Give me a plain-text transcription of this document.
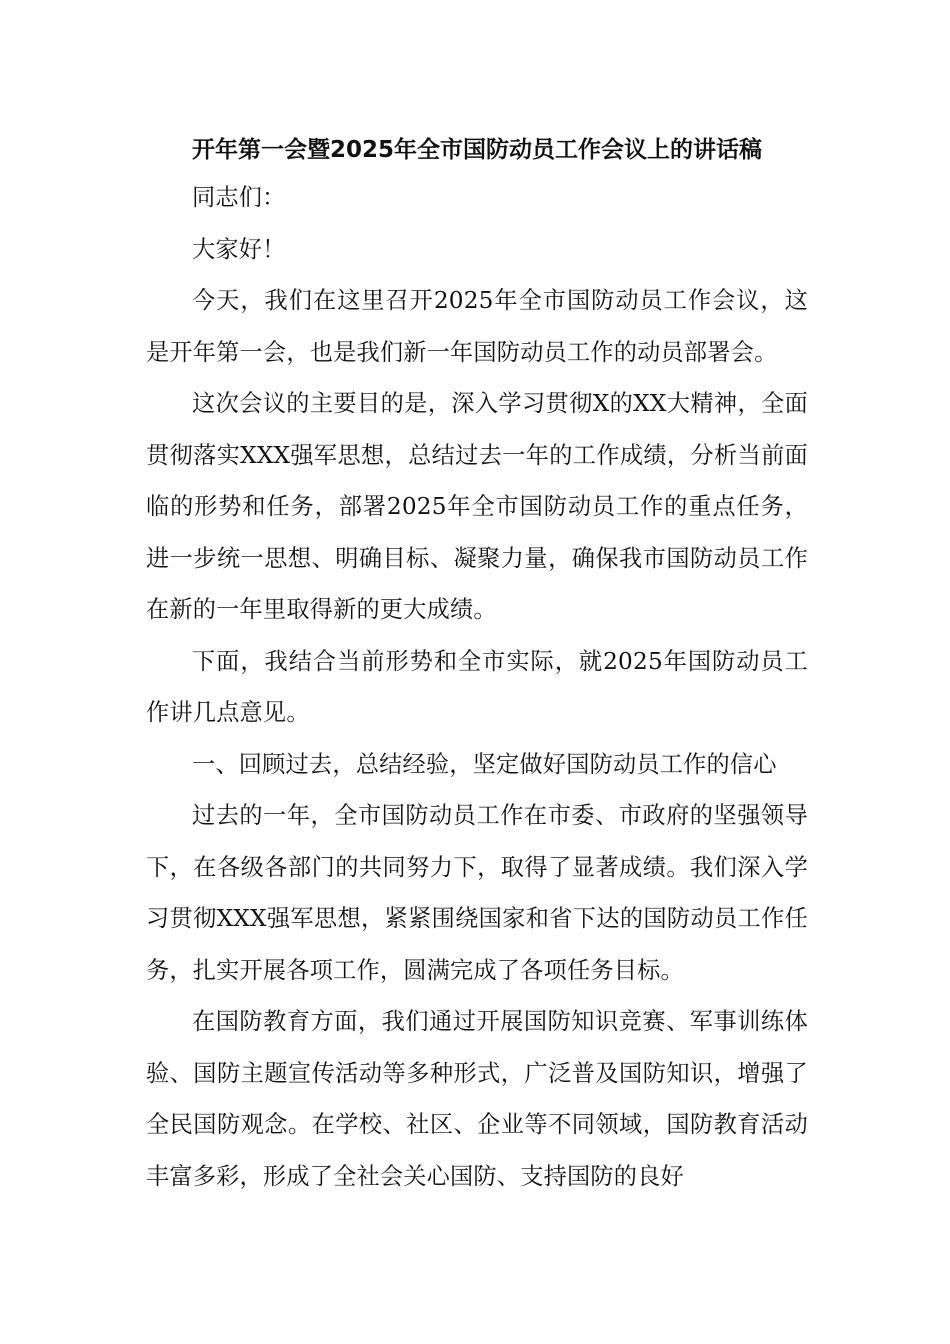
开年第一会暨2025年全市国防动员工作会议上的讲话稿

同志们：

大家好！

今天，我们在这里召开2025年全市国防动员工作会议，这是开年第一会，也是我们新一年国防动员工作的动员部署会。

这次会议的主要目的是，深入学习贯彻X的XX大精神，全面贯彻落实XXX强军思想，总结过去一年的工作成绩，分析当前面临的形势和任务，部署2025年全市国防动员工作的重点任务，进一步统一思想、明确目标、凝聚力量，确保我市国防动员工作在新的一年里取得新的更大成绩。

下面，我结合当前形势和全市实际，就2025年国防动员工作讲几点意见。

一、回顾过去，总结经验，坚定做好国防动员工作的信心

过去的一年，全市国防动员工作在市委、市政府的坚强领导下，在各级各部门的共同努力下，取得了显著成绩。我们深入学习贯彻XXX强军思想，紧紧围绕国家和省下达的国防动员工作任务，扎实开展各项工作，圆满完成了各项任务目标。

在国防教育方面，我们通过开展国防知识竞赛、军事训练体验、国防主题宣传活动等多种形式，广泛普及国防知识，增强了全民国防观念。在学校、社区、企业等不同领域，国防教育活动丰富多彩，形成了全社会关心国防、支持国防的良好
